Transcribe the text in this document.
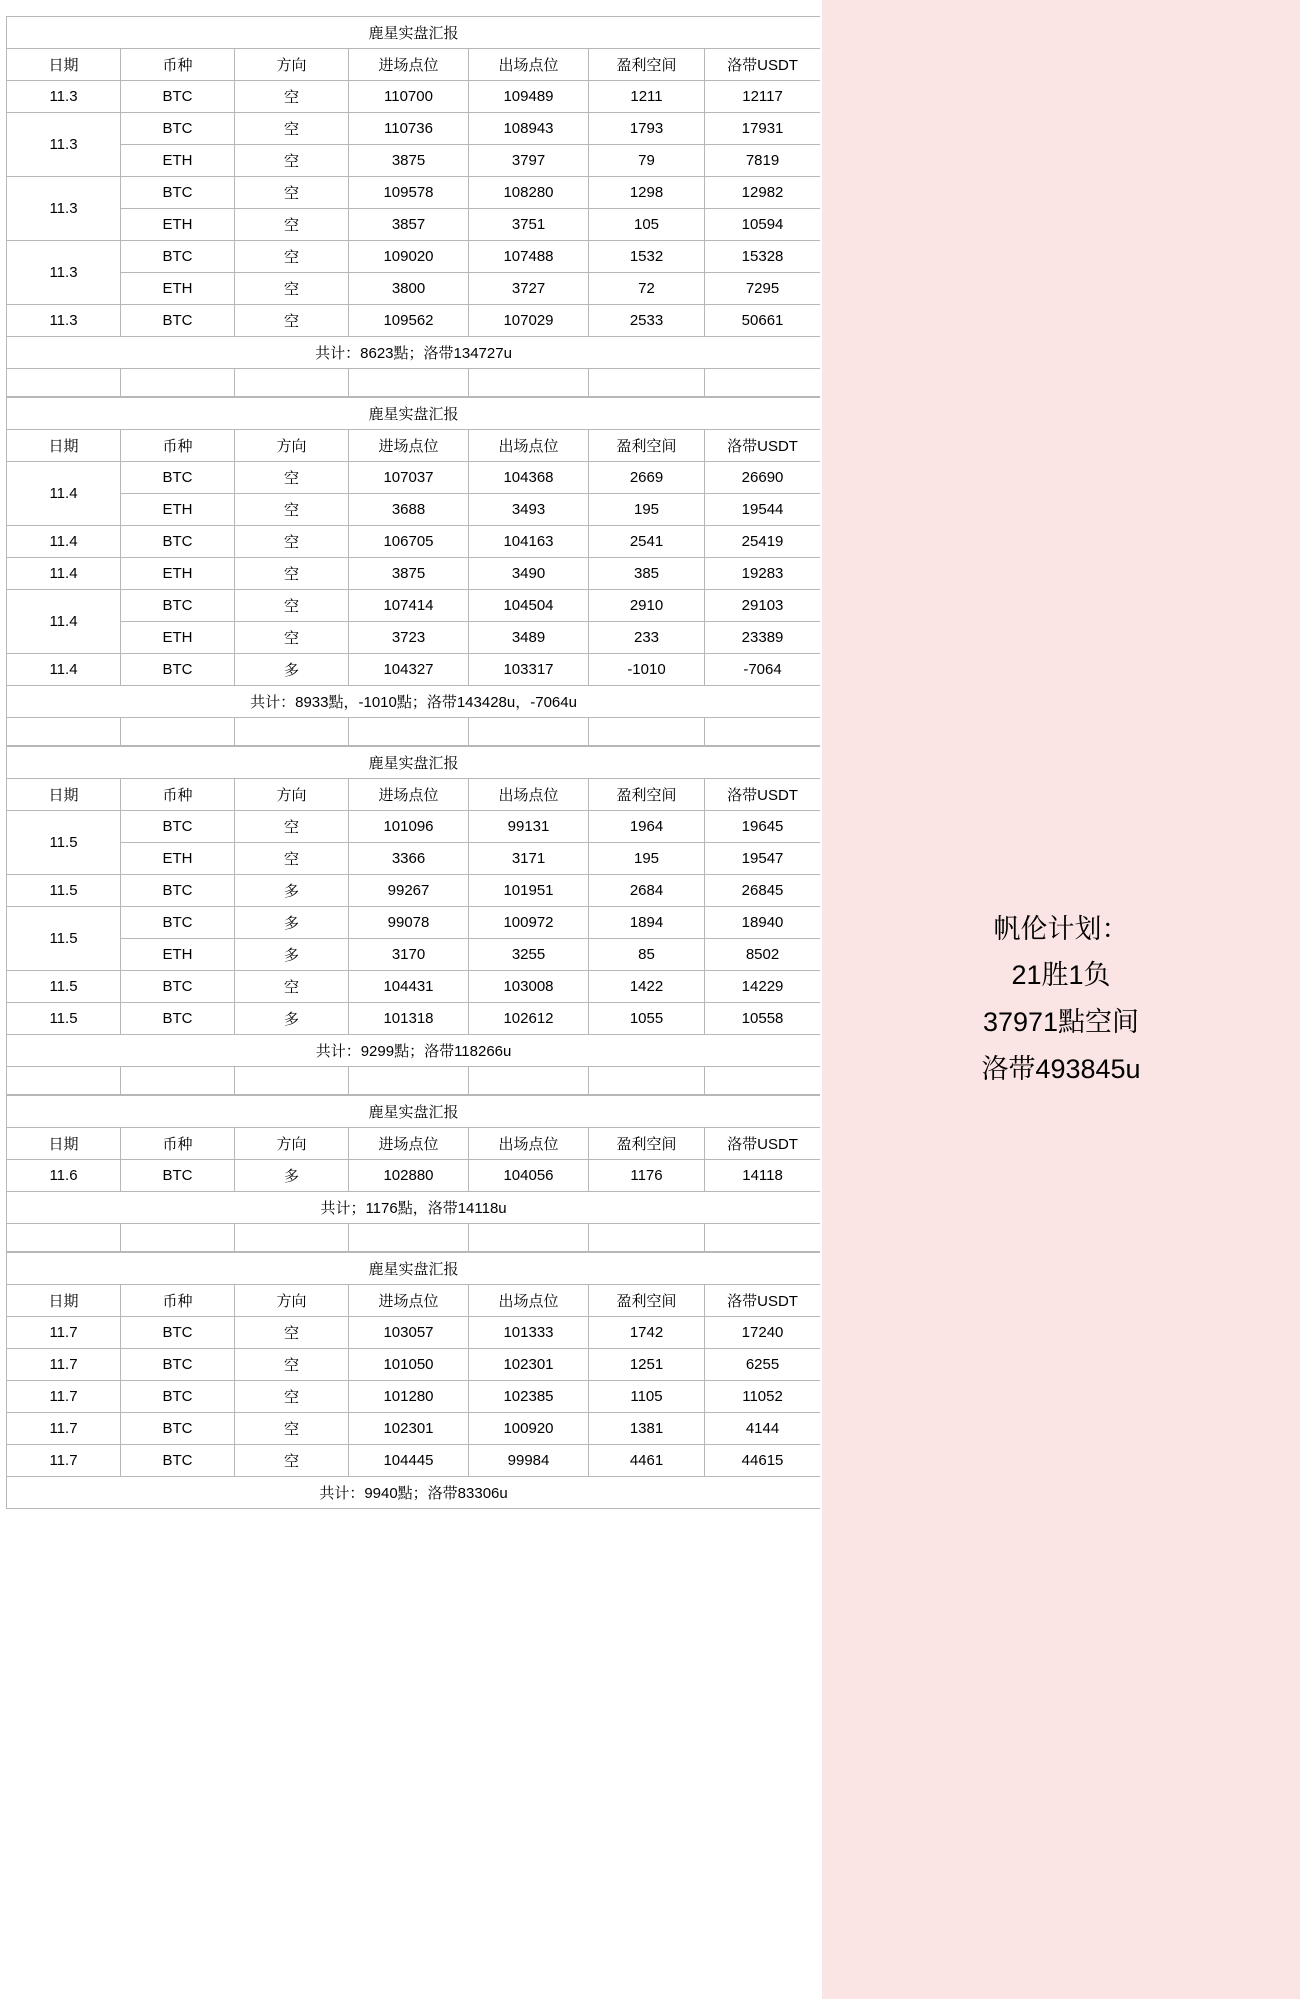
鹿星实盘汇报						
日期	币种	方向	进场点位	出场点位	盈利空间	洛带USDT
11.3	BTC	空	110700	109489	1211	12117
11.3	BTC	空	110736	108943	1793	17931
	ETH	空	3875	3797	79	7819
11.3	BTC	空	109578	108280	1298	12982
	ETH	空	3857	3751	105	10594
11.3	BTC	空	109020	107488	1532	15328
	ETH	空	3800	3727	72	7295
11.3	BTC	空	109562	107029	2533	50661
共计：8623點；洛带134727u						

鹿星实盘汇报						
日期	币种	方向	进场点位	出场点位	盈利空间	洛带USDT
11.4	BTC	空	107037	104368	2669	26690
	ETH	空	3688	3493	195	19544
11.4	BTC	空	106705	104163	2541	25419
11.4	ETH	空	3875	3490	385	19283
11.4	BTC	空	107414	104504	2910	29103
	ETH	空	3723	3489	233	23389
11.4	BTC	多	104327	103317	-1010	-7064
共计：8933點，-1010點；洛带143428u，-7064u						

鹿星实盘汇报						
日期	币种	方向	进场点位	出场点位	盈利空间	洛带USDT
11.5	BTC	空	101096	99131	1964	19645
	ETH	空	3366	3171	195	19547
11.5	BTC	多	99267	101951	2684	26845
11.5	BTC	多	99078	100972	1894	18940
	ETH	多	3170	3255	85	8502
11.5	BTC	空	104431	103008	1422	14229
11.5	BTC	多	101318	102612	1055	10558
共计：9299點；洛带118266u						

鹿星实盘汇报						
日期	币种	方向	进场点位	出场点位	盈利空间	洛带USDT
11.6	BTC	多	102880	104056	1176	14118
共计；1176點，洛带14118u						

鹿星实盘汇报						
日期	币种	方向	进场点位	出场点位	盈利空间	洛带USDT
11.7	BTC	空	103057	101333	1742	17240
11.7	BTC	空	101050	102301	1251	6255
11.7	BTC	空	101280	102385	1105	11052
11.7	BTC	空	102301	100920	1381	4144
11.7	BTC	空	104445	99984	4461	44615
共计：9940點；洛带83306u						
帆伦计划：
21胜1负
37971點空间
洛带493845u
